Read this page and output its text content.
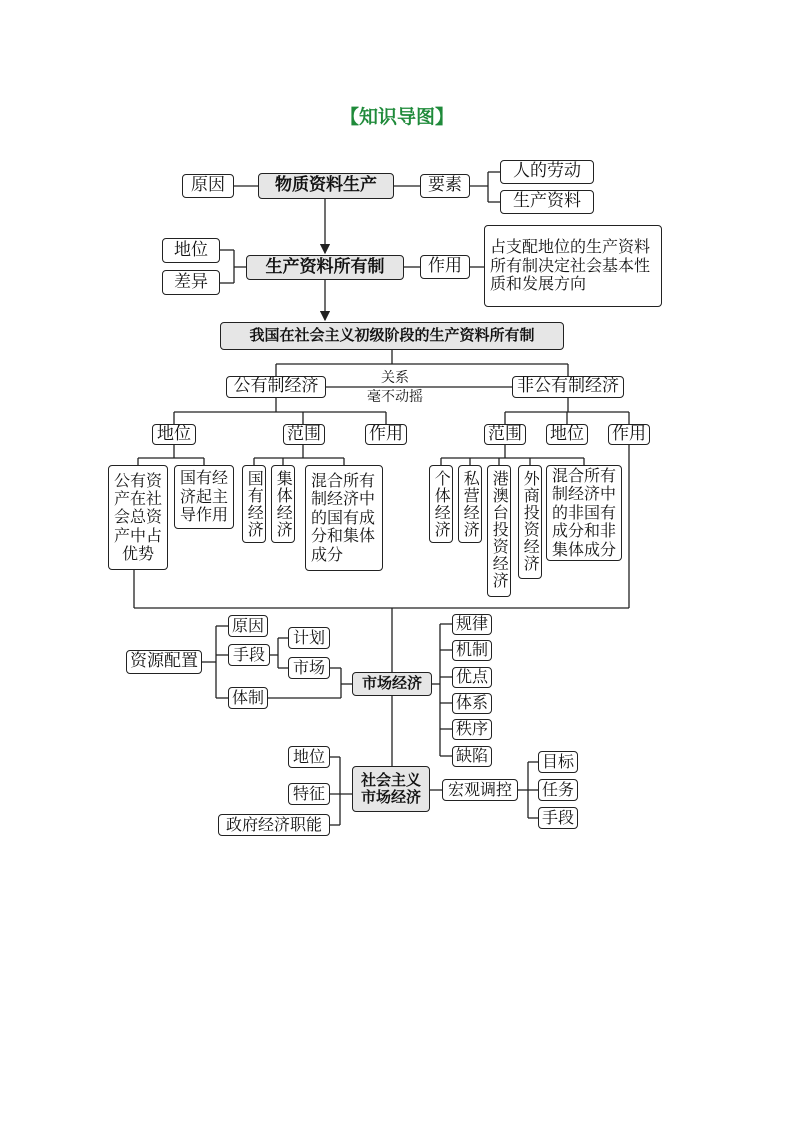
【知识导图】
原因	物质资料生产	要素
人的劳动
生产资料
地位
差异
生产资料所有制	作用
占支配地位的生产资料所有制决定社会基本性质和发展方向
我国在社会主义初级阶段的生产资料所有制
公有制经济	关系
毫不动摇
非公有制经济
地位	范围	作用	范围 地位 作用
公有资产在社会总资产中占优势
国有经济起主导作用	国有经济 集体经济	混合所有制经济中的国有成分和集体成分
个体经济 私营经济 港澳台投资经济 外商投资经济 混合所有制经济中的非国有成分和非集体成分
资源配置
原因
手段
计划
市场
体制
市场经济
规律
机制
优点
体系
秩序
缺陷
地位
特征
政府经济职能
社会主义市场经济	宏观调控
目标
任务
手段
